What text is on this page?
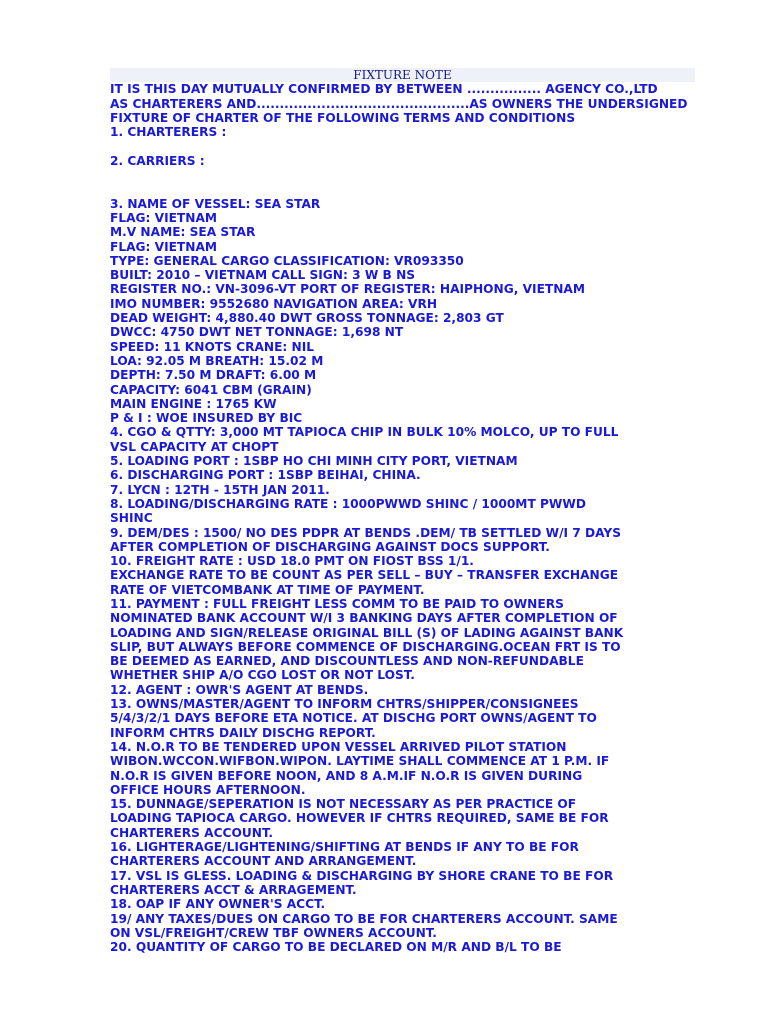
FIXTURE NOTE
IT IS THIS DAY MUTUALLY CONFIRMED BY BETWEEN ................ AGENCY CO.,LTD
AS CHARTERERS AND..............................................AS OWNERS THE UNDERSIGNED
FIXTURE OF CHARTER OF THE FOLLOWING TERMS AND CONDITIONS
1. CHARTERERS :
2. CARRIERS :
3. NAME OF VESSEL: SEA STAR
FLAG: VIETNAM
M.V NAME: SEA STAR
FLAG: VIETNAM
TYPE: GENERAL CARGO CLASSIFICATION: VR093350
BUILT: 2010 – VIETNAM CALL SIGN: 3 W B NS
REGISTER NO.: VN-3096-VT PORT OF REGISTER: HAIPHONG, VIETNAM
IMO NUMBER: 9552680 NAVIGATION AREA: VRH
DEAD WEIGHT: 4,880.40 DWT GROSS TONNAGE: 2,803 GT
DWCC: 4750 DWT NET TONNAGE: 1,698 NT
SPEED: 11 KNOTS CRANE: NIL
LOA: 92.05 M BREATH: 15.02 M
DEPTH: 7.50 M DRAFT: 6.00 M
CAPACITY: 6041 CBM (GRAIN)
MAIN ENGINE : 1765 KW
P & I : WOE INSURED BY BIC
4. CGO & QTTY: 3,000 MT TAPIOCA CHIP IN BULK 10% MOLCO, UP TO FULL
VSL CAPACITY AT CHOPT
5. LOADING PORT : 1SBP HO CHI MINH CITY PORT, VIETNAM
6. DISCHARGING PORT : 1SBP BEIHAI, CHINA.
7. LYCN : 12TH - 15TH JAN 2011.
8. LOADING/DISCHARGING RATE : 1000PWWD SHINC / 1000MT PWWD
SHINC
9. DEM/DES : 1500/ NO DES PDPR AT BENDS .DEM/ TB SETTLED W/I 7 DAYS
AFTER COMPLETION OF DISCHARGING AGAINST DOCS SUPPORT.
10. FREIGHT RATE : USD 18.0 PMT ON FIOST BSS 1/1.
EXCHANGE RATE TO BE COUNT AS PER SELL – BUY – TRANSFER EXCHANGE
RATE OF VIETCOMBANK AT TIME OF PAYMENT.
11. PAYMENT : FULL FREIGHT LESS COMM TO BE PAID TO OWNERS
NOMINATED BANK ACCOUNT W/I 3 BANKING DAYS AFTER COMPLETION OF
LOADING AND SIGN/RELEASE ORIGINAL BILL (S) OF LADING AGAINST BANK
SLIP, BUT ALWAYS BEFORE COMMENCE OF DISCHARGING.OCEAN FRT IS TO
BE DEEMED AS EARNED, AND DISCOUNTLESS AND NON-REFUNDABLE
WHETHER SHIP A/O CGO LOST OR NOT LOST.
12. AGENT : OWR'S AGENT AT BENDS.
13. OWNS/MASTER/AGENT TO INFORM CHTRS/SHIPPER/CONSIGNEES
5/4/3/2/1 DAYS BEFORE ETA NOTICE. AT DISCHG PORT OWNS/AGENT TO
INFORM CHTRS DAILY DISCHG REPORT.
14. N.O.R TO BE TENDERED UPON VESSEL ARRIVED PILOT STATION
WIBON.WCCON.WIFBON.WIPON. LAYTIME SHALL COMMENCE AT 1 P.M. IF
N.O.R IS GIVEN BEFORE NOON, AND 8 A.M.IF N.O.R IS GIVEN DURING
OFFICE HOURS AFTERNOON.
15. DUNNAGE/SEPERATION IS NOT NECESSARY AS PER PRACTICE OF
LOADING TAPIOCA CARGO. HOWEVER IF CHTRS REQUIRED, SAME BE FOR
CHARTERERS ACCOUNT.
16. LIGHTERAGE/LIGHTENING/SHIFTING AT BENDS IF ANY TO BE FOR
CHARTERERS ACCOUNT AND ARRANGEMENT.
17. VSL IS GLESS. LOADING & DISCHARGING BY SHORE CRANE TO BE FOR
CHARTERERS ACCT & ARRAGEMENT.
18. OAP IF ANY OWNER'S ACCT.
19/ ANY TAXES/DUES ON CARGO TO BE FOR CHARTERERS ACCOUNT. SAME
ON VSL/FREIGHT/CREW TBF OWNERS ACCOUNT.
20. QUANTITY OF CARGO TO BE DECLARED ON M/R AND B/L TO BE
